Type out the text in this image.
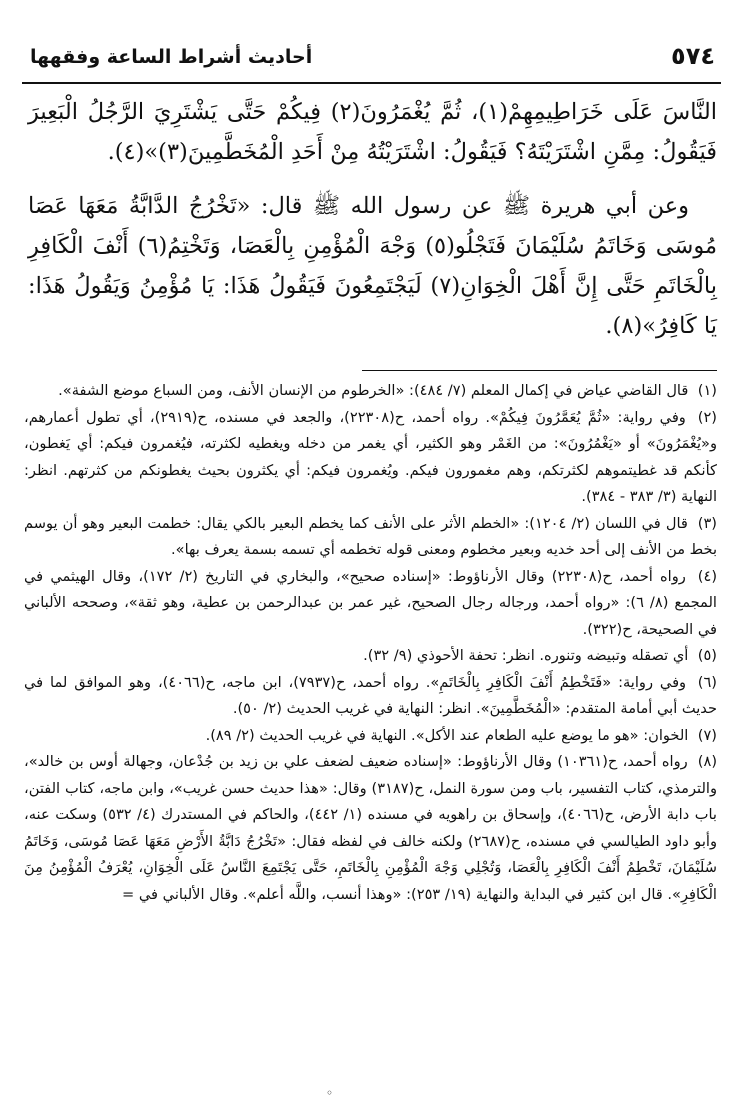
٥٧٤
أحاديث أشراط الساعة وفقهها

النَّاسَ عَلَى خَرَاطِيمِهِمْ(١)، ثُمَّ يُغْمَرُونَ(٢) فِيكُمْ حَتَّى يَشْتَرِيَ الرَّجُلُ الْبَعِيرَ فَيَقُولُ: مِمَّنِ اشْتَرَيْتَهُ؟ فَيَقُولُ: اشْتَرَيْتُهُ مِنْ أَحَدِ الْمُخَطَّمِينَ(٣)»(٤).

وعن أبي هريرة ﷺ عن رسول الله ﷺ قال: «تَخْرُجُ الدَّابَّةُ مَعَهَا عَصَا مُوسَى وَخَاتَمُ سُلَيْمَانَ فَتَجْلُو(٥) وَجْهَ الْمُؤْمِنِ بِالْعَصَا، وَتَخْتِمُ(٦) أَنْفَ الْكَافِرِ بِالْخَاتَمِ حَتَّى إِنَّ أَهْلَ الْخِوَانِ(٧) لَيَجْتَمِعُونَ فَيَقُولُ هَذَا: يَا مُؤْمِنُ وَيَقُولُ هَذَا: يَا كَافِرُ»(٨).

(١) قال القاضي عياض في إكمال المعلم (٧/ ٤٨٤): «الخرطوم من الإنسان الأنف، ومن السباع موضع الشفة».

(٢) وفي رواية: «ثُمَّ يُعَمَّرُونَ فِيكُمْ». رواه أحمد، ح(٢٢٣٠٨)، والجعد في مسنده، ح(٢٩١٩)، أي تطول أعمارهم، و«يُغْمَرُونَ» أو «يَغْمُرُونَ»: من الغَمْر وهو الكثير، أي يغمر من دخله ويغطيه لكثرته، فيُغمرون فيكم: أي يَغطون، كأنكم قد غطيتموهم لكثرتكم، وهم مغمورون فيكم. ويُغمرون فيكم: أي يكثرون بحيث يغطونكم من كثرتهم. انظر: النهاية (٣/ ٣٨٣ - ٣٨٤).

(٣) قال في اللسان (٢/ ١٢٠٤): «الخطم الأثر على الأنف كما يخطم البعير بالكي يقال: خطمت البعير وهو أن يوسم بخط من الأنف إلى أحد خديه وبعير مخطوم ومعنى قوله تخطمه أي تسمه بسمة يعرف بها».

(٤) رواه أحمد، ح(٢٢٣٠٨) وقال الأرناؤوط: «إسناده صحيح»، والبخاري في التاريخ (٢/ ١٧٢)، وقال الهيثمي في المجمع (٨/ ٦): «رواه أحمد، ورجاله رجال الصحيح، غير عمر بن عبدالرحمن بن عطية، وهو ثقة»، وصححه الألباني في الصحيحة، ح(٣٢٢).

(٥) أي تصقله وتبيضه وتنوره. انظر: تحفة الأحوذي (٩/ ٣٢).

(٦) وفي رواية: «فَتَخْطِمُ أَنْفَ الْكَافِرِ بِالْخَاتَمِ». رواه أحمد، ح(٧٩٣٧)، ابن ماجه، ح(٤٠٦٦)، وهو الموافق لما في حديث أبي أمامة المتقدم: «الْمُخَطَّمِينَ». انظر: النهاية في غريب الحديث (٢/ ٥٠).

(٧) الخوان: «هو ما يوضع عليه الطعام عند الأكل». النهاية في غريب الحديث (٢/ ٨٩).

(٨) رواه أحمد، ح(١٠٣٦١) وقال الأرناؤوط: «إسناده ضعيف لضعف علي بن زيد بن جُدْعان، وجهالة أوس بن خالد»، والترمذي، كتاب التفسير، باب ومن سورة النمل، ح(٣١٨٧) وقال: «هذا حديث حسن غريب»، وابن ماجه، كتاب الفتن، باب دابة الأرض، ح(٤٠٦٦)، وإسحاق بن راهويه في مسنده (١/ ٤٤٢)، والحاكم في المستدرك (٤/ ٥٣٢) وسكت عنه، وأبو داود الطيالسي في مسنده، ح(٢٦٨٧) ولكنه خالف في لفظه فقال: «تَخْرُجُ دَابَّةُ الأَرْضِ مَعَهَا عَصَا مُوسَى، وَخَاتَمُ سُلَيْمَانَ، تَخْطِمُ أَنْفَ الْكَافِرِ بِالْعَصَا، وَتُجْلِي وَجْهَ الْمُؤْمِنِ بِالْخَاتَمِ، حَتَّى يَجْتَمِعَ النَّاسُ عَلَى الْخِوَانِ، يُعْرَفُ الْمُؤْمِنُ مِنَ الْكَافِرِ». قال ابن كثير في البداية والنهاية (١٩/ ٢٥٣): «وهذا أنسب، واللَّه أعلم». وقال الألباني في =

◦
